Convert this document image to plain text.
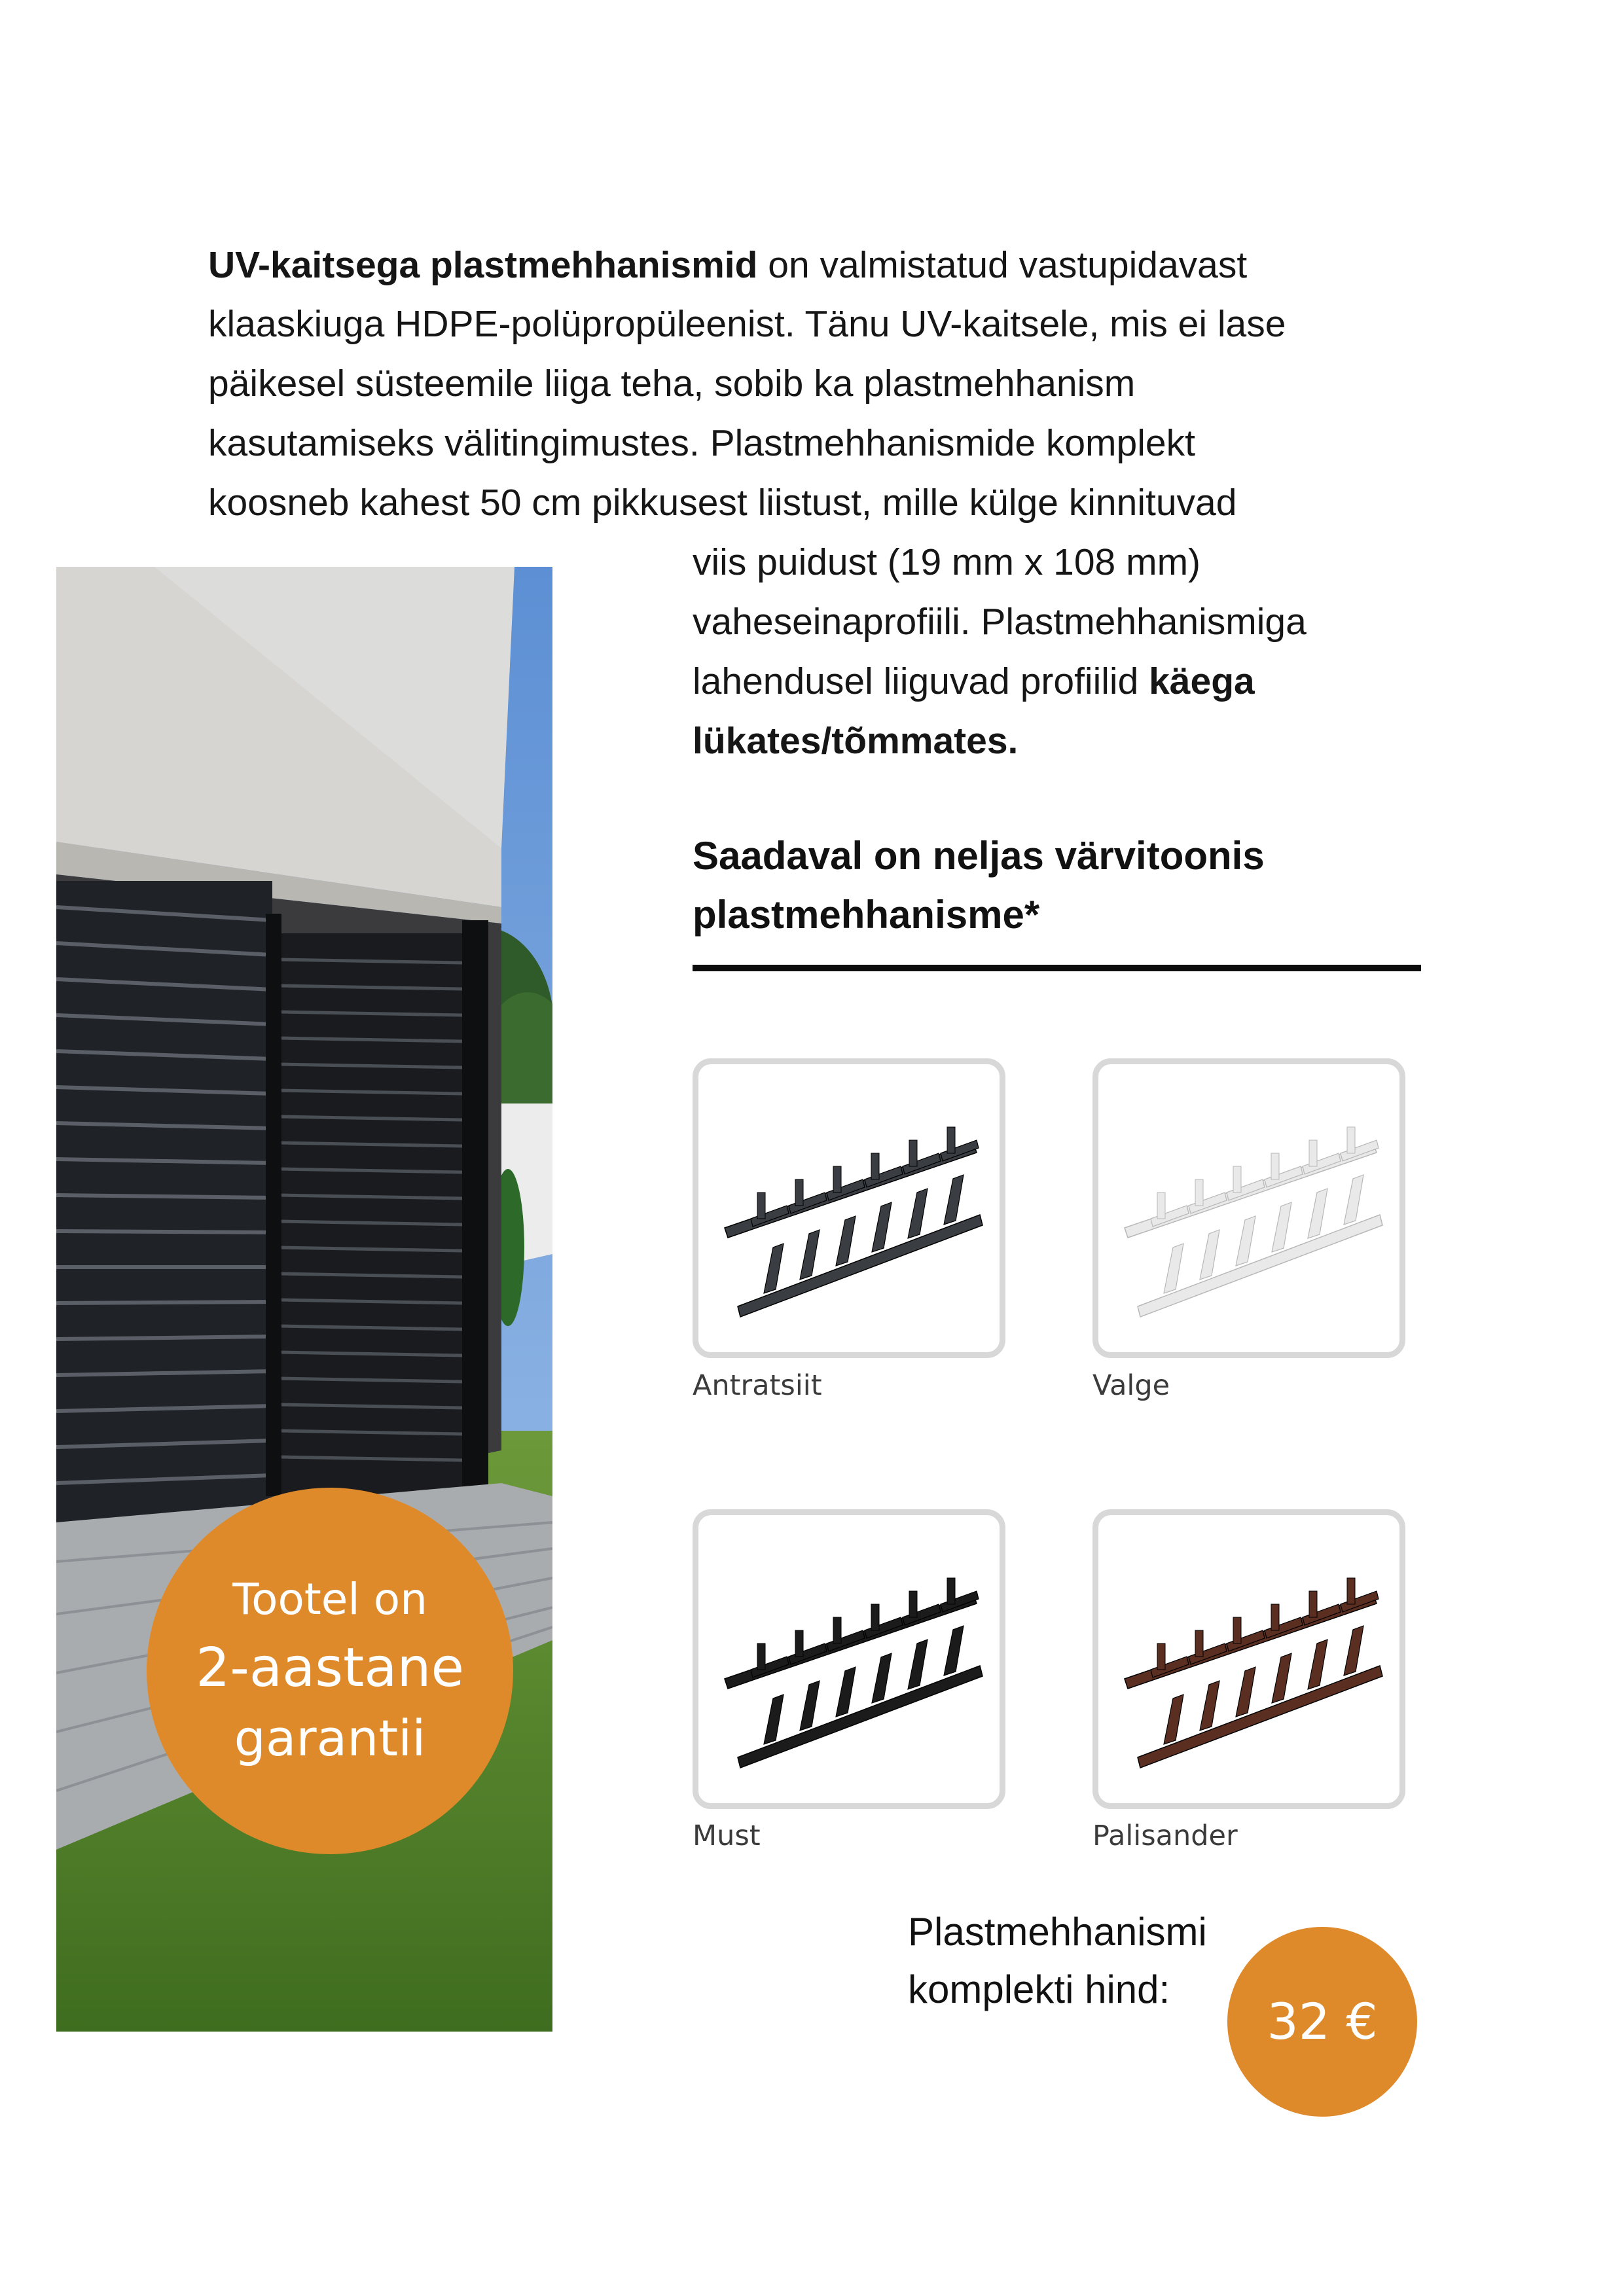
UV-kaitsega plastmehhanismid on valmistatud vastupidavast
klaaskiuga HDPE-polüpropüleenist. Tänu UV-kaitsele, mis ei lase
päikesel süsteemile liiga teha, sobib ka plastmehhanism
kasutamiseks välitingimustes. Plastmehhanismide komplekt
koosneb kahest 50 cm pikkusest liistust, mille külge kinnituvad
viis puidust (19 mm x 108 mm)
vaheseinaprofiili. Plastmehhanismiga
lahendusel liiguvad profiilid käega
lükates/tõmmates.
Tootel on
2-aastane
garantii
Saadaval on neljas värvitoonis
plastmehhanisme*
Antratsiit	Valge
Must	Palisander
Plastmehhanismi
komplekti hind:
32 €
